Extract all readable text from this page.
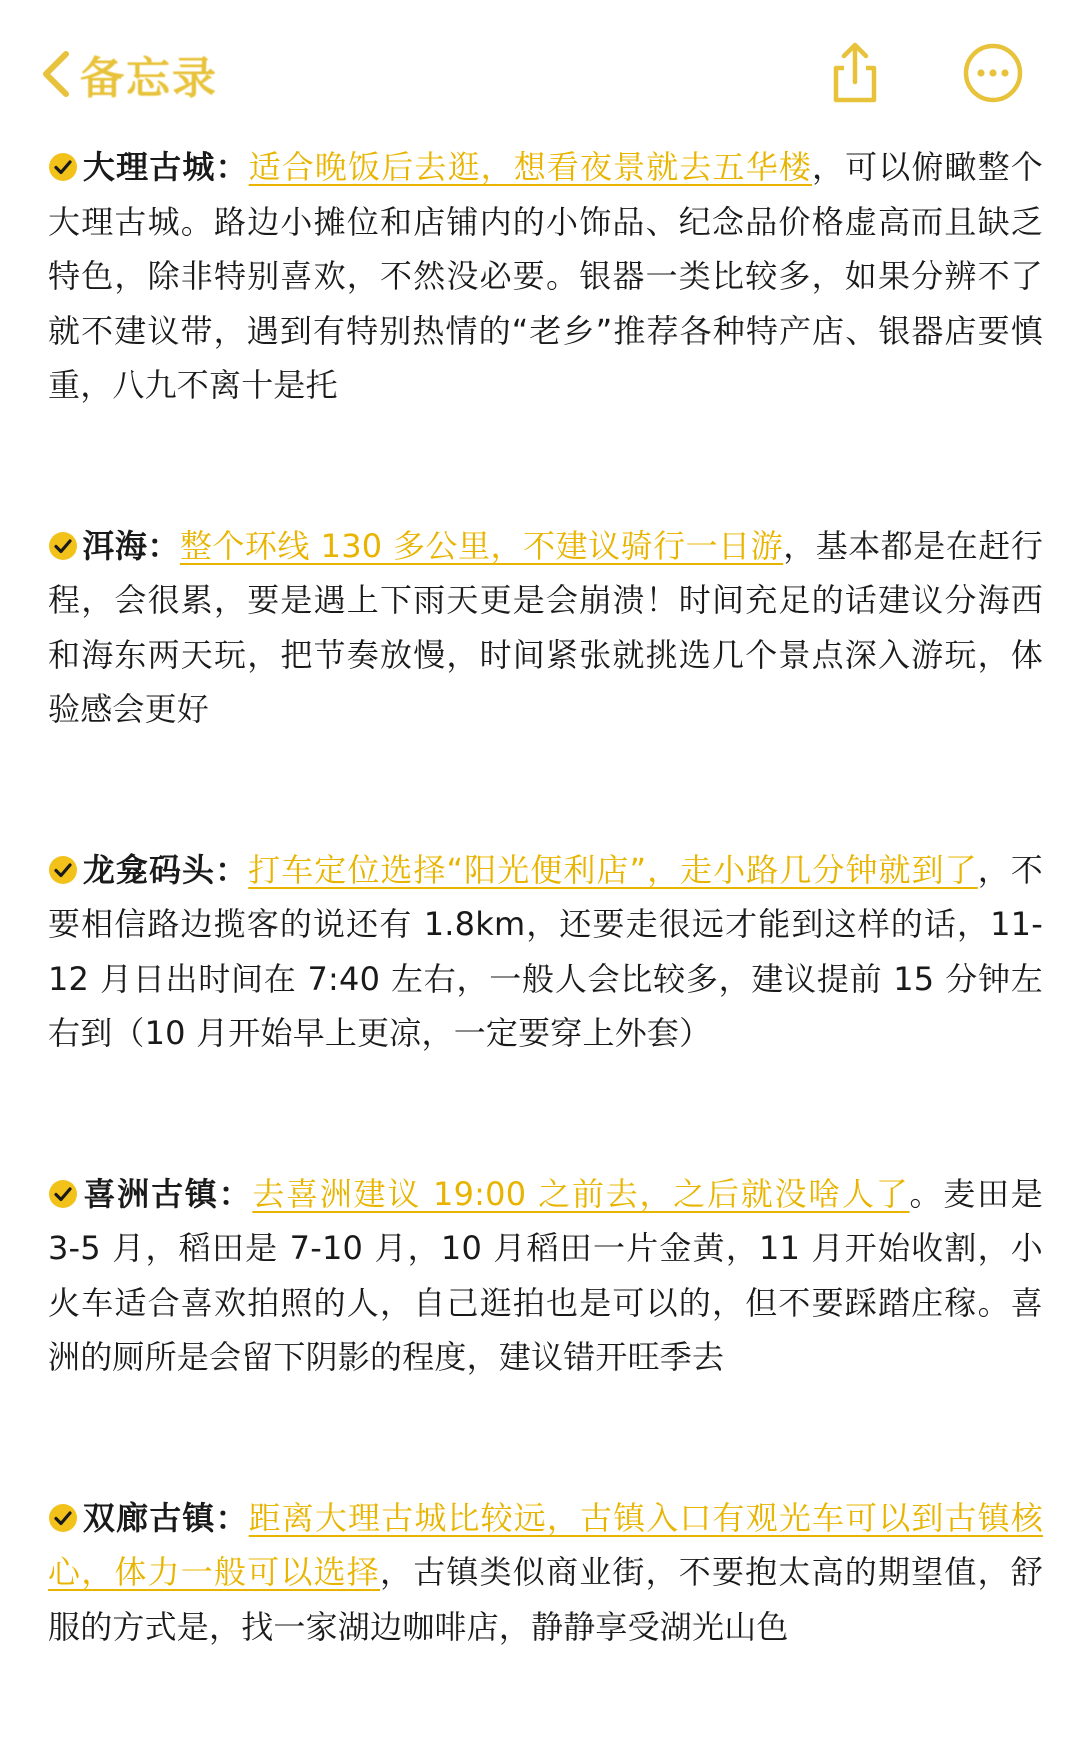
备忘录

大理古城：适合晚饭后去逛，想看夜景就去五华楼，可以俯瞰整个大理古城。路边小摊位和店铺内的小饰品、纪念品价格虚高而且缺乏特色，除非特别喜欢，不然没必要。银器一类比较多，如果分辨不了就不建议带，遇到有特别热情的“老乡”推荐各种特产店、银器店要慎重，八九不离十是托

洱海：整个环线 130 多公里，不建议骑行一日游，基本都是在赶行程，会很累，要是遇上下雨天更是会崩溃！时间充足的话建议分海西和海东两天玩，把节奏放慢，时间紧张就挑选几个景点深入游玩，体验感会更好

龙龛码头：打车定位选择“阳光便利店”，走小路几分钟就到了，不要相信路边揽客的说还有 1.8km，还要走很远才能到这样的话，11-12 月日出时间在 7:40 左右，一般人会比较多，建议提前 15 分钟左右到（10 月开始早上更凉，一定要穿上外套）

喜洲古镇：去喜洲建议 19:00 之前去，之后就没啥人了。麦田是 3-5 月，稻田是 7-10 月，10 月稻田一片金黄，11 月开始收割，小火车适合喜欢拍照的人，自己逛拍也是可以的，但不要踩踏庄稼。喜洲的厕所是会留下阴影的程度，建议错开旺季去

双廊古镇：距离大理古城比较远，古镇入口有观光车可以到古镇核心，体力一般可以选择，古镇类似商业街，不要抱太高的期望值，舒服的方式是，找一家湖边咖啡店，静静享受湖光山色
